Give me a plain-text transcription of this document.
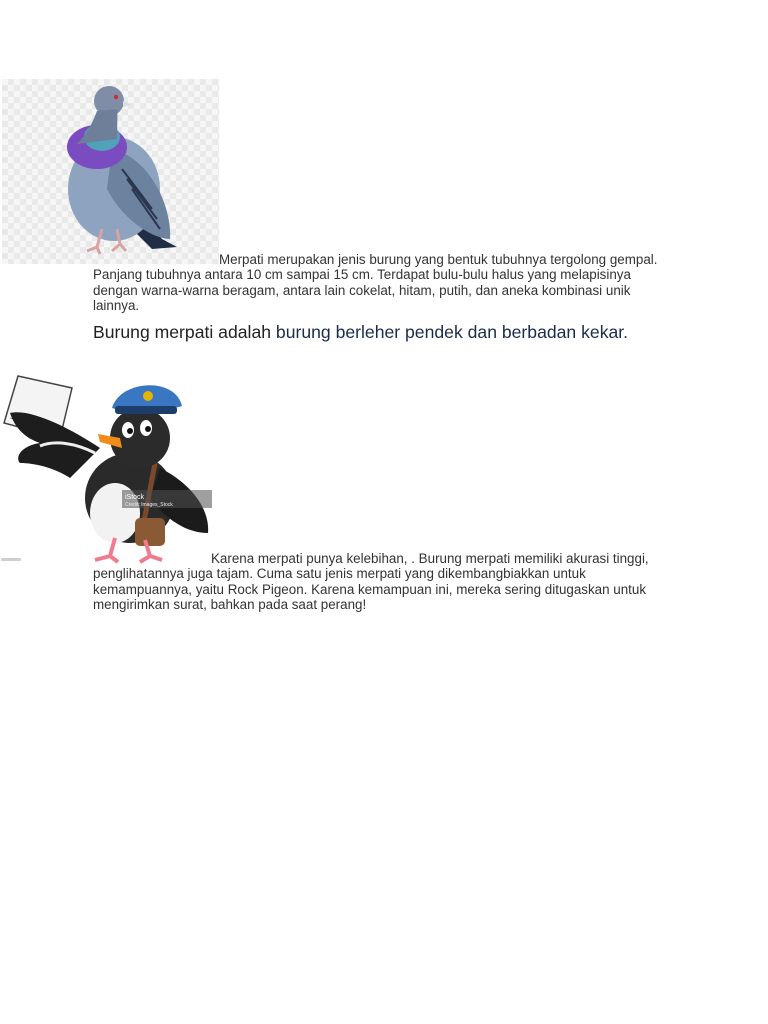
Merpati merupakan jenis burung yang bentuk tubuhnya tergolong gempal. Panjang tubuhnya antara 10 cm sampai 15 cm. Terdapat bulu-bulu halus yang melapisinya dengan warna-warna beragam, antara lain cokelat, hitam, putih, dan aneka kombinasi unik lainnya.
Burung merpati adalah burung berleher pendek dan berbadan kekar.
iStock
Credit: Images_Stock
Karena merpati punya kelebihan, . Burung merpati memiliki akurasi tinggi, penglihatannya juga tajam. Cuma satu jenis merpati yang dikembangbiakkan untuk kemampuannya, yaitu Rock Pigeon. Karena kemampuan ini, mereka sering ditugaskan untuk mengirimkan surat, bahkan pada saat perang!
